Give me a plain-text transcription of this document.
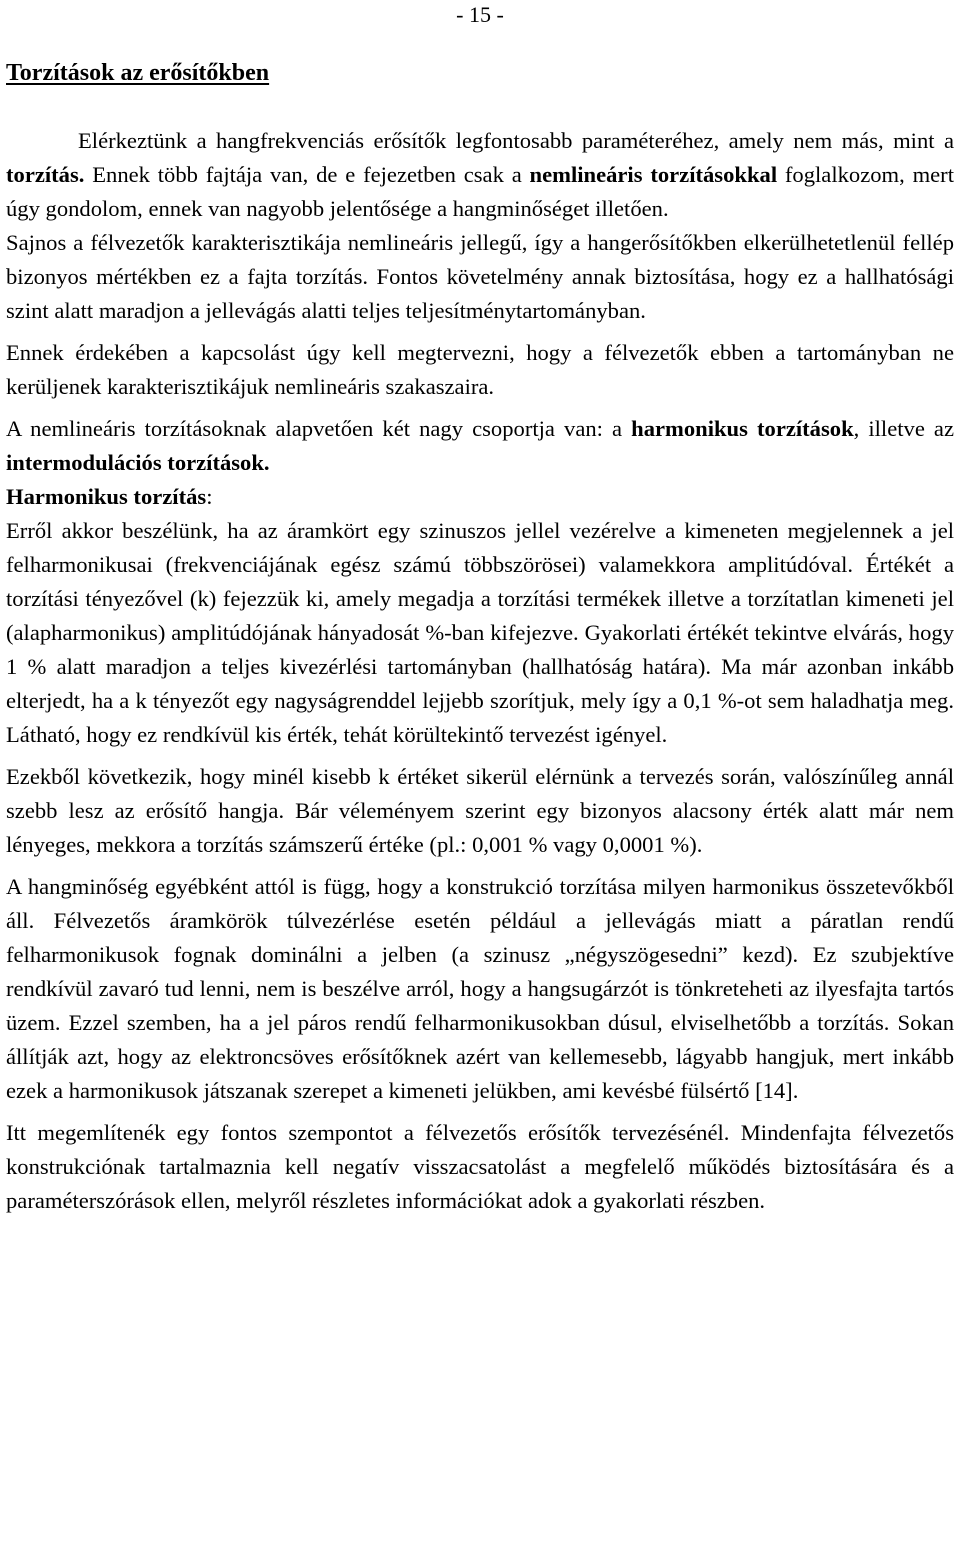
- 15 -
Torzítások az erősítőkben

Elérkeztünk a hangfrekvenciás erősítők legfontosabb paraméteréhez, amely nem más, mint a torzítás. Ennek több fajtája van, de e fejezetben csak a nemlineáris torzításokkal foglalkozom, mert úgy gondolom, ennek van nagyobb jelentősége a hangminőséget illetően.

Sajnos a félvezetők karakterisztikája nemlineáris jellegű, így a hangerősítőkben elkerülhetetlenül fellép bizonyos mértékben ez a fajta torzítás. Fontos követelmény annak biztosítása, hogy ez a hallhatósági szint alatt maradjon a jellevágás alatti teljes teljesítménytartományban.

Ennek érdekében a kapcsolást úgy kell megtervezni, hogy a félvezetők ebben a tartományban ne kerüljenek karakterisztikájuk nemlineáris szakaszaira.

A nemlineáris torzításoknak alapvetően két nagy csoportja van: a harmonikus torzítások, illetve az intermodulációs torzítások.

Harmonikus torzítás:

Erről akkor beszélünk, ha az áramkört egy szinuszos jellel vezérelve a kimeneten megjelennek a jel felharmonikusai (frekvenciájának egész számú többszörösei) valamekkora amplitúdóval. Értékét a torzítási tényezővel (k) fejezzük ki, amely megadja a torzítási termékek illetve a torzítatlan kimeneti jel (alapharmonikus) amplitúdójának hányadosát %-ban kifejezve. Gyakorlati értékét tekintve elvárás, hogy 1 % alatt maradjon a teljes kivezérlési tartományban (hallhatóság határa). Ma már azonban inkább elterjedt, ha a k tényezőt egy nagyságrenddel lejjebb szorítjuk, mely így a 0,1 %-ot sem haladhatja meg. Látható, hogy ez rendkívül kis érték, tehát körültekintő tervezést igényel.

Ezekből következik, hogy minél kisebb k értéket sikerül elérnünk a tervezés során, valószínűleg annál szebb lesz az erősítő hangja. Bár véleményem szerint egy bizonyos alacsony érték alatt már nem lényeges, mekkora a torzítás számszerű értéke (pl.: 0,001 % vagy 0,0001 %).

A hangminőség egyébként attól is függ, hogy a konstrukció torzítása milyen harmonikus összetevőkből áll. Félvezetős áramkörök túlvezérlése esetén például a jellevágás miatt a páratlan rendű felharmonikusok fognak dominálni a jelben (a szinusz „négyszögesedni” kezd). Ez szubjektíve rendkívül zavaró tud lenni, nem is beszélve arról, hogy a hangsugárzót is tönkreteheti az ilyesfajta tartós üzem. Ezzel szemben, ha a jel páros rendű felharmonikusokban dúsul, elviselhetőbb a torzítás. Sokan állítják azt, hogy az elektroncsöves erősítőknek azért van kellemesebb, lágyabb hangjuk, mert inkább ezek a harmonikusok játszanak szerepet a kimeneti jelükben, ami kevésbé fülsértő [14].

Itt megemlítenék egy fontos szempontot a félvezetős erősítők tervezésénél. Mindenfajta félvezetős konstrukciónak tartalmaznia kell negatív visszacsatolást a megfelelő működés biztosítására és a paraméterszórások ellen, melyről részletes információkat adok a gyakorlati részben.
